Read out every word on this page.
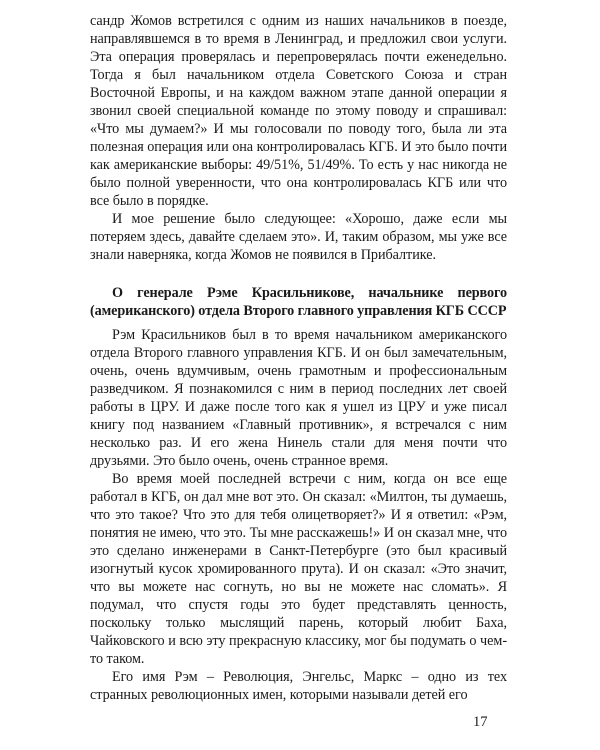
сандр Жомов встретился с одним из наших начальников в поезде, направлявшемся в то время в Ленинград, и предложил свои услуги. Эта операция проверялась и перепроверялась почти еженедельно. Тогда я был начальником отдела Советского Союза и стран Восточной Европы, и на каждом важном этапе данной операции я звонил своей специальной команде по этому поводу и спрашивал: «Что мы думаем?» И мы голосовали по поводу того, была ли эта полезная операция или она контролировалась КГБ. И это было почти как американские выборы: 49/51%, 51/49%. То есть у нас никогда не было полной уверенности, что она контролировалась КГБ или что все было в порядке.

И мое решение было следующее: «Хорошо, даже если мы потеряем здесь, давайте сделаем это». И, таким образом, мы уже все знали наверняка, когда Жомов не появился в Прибалтике.

О генерале Рэме Красильникове, начальнике первого (американского) отдела Второго главного управления КГБ СССР

Рэм Красильников был в то время начальником американского отдела Второго главного управления КГБ. И он был замечательным, очень, очень вдумчивым, очень грамотным и профессиональным разведчиком. Я познакомился с ним в период последних лет своей работы в ЦРУ. И даже после того как я ушел из ЦРУ и уже писал книгу под названием «Главный противник», я встречался с ним несколько раз. И его жена Нинель стали для меня почти что друзьями. Это было очень, очень странное время.

Во время моей последней встречи с ним, когда он все еще работал в КГБ, он дал мне вот это. Он сказал: «Милтон, ты думаешь, что это такое? Что это для тебя олицетворяет?» И я ответил: «Рэм, понятия не имею, что это. Ты мне расскажешь!» И он сказал мне, что это сделано инженерами в Санкт-Петербурге (это был красивый изогнутый кусок хромированного прута). И он сказал: «Это значит, что вы можете нас согнуть, но вы не можете нас сломать». Я подумал, что спустя годы это будет представлять ценность, поскольку только мыслящий парень, который любит Баха, Чайковского и всю эту прекрасную классику, мог бы подумать о чем-то таком.

Его имя Рэм – Революция, Энгельс, Маркс – одно из тех странных революционных имен, которыми называли детей его

17
